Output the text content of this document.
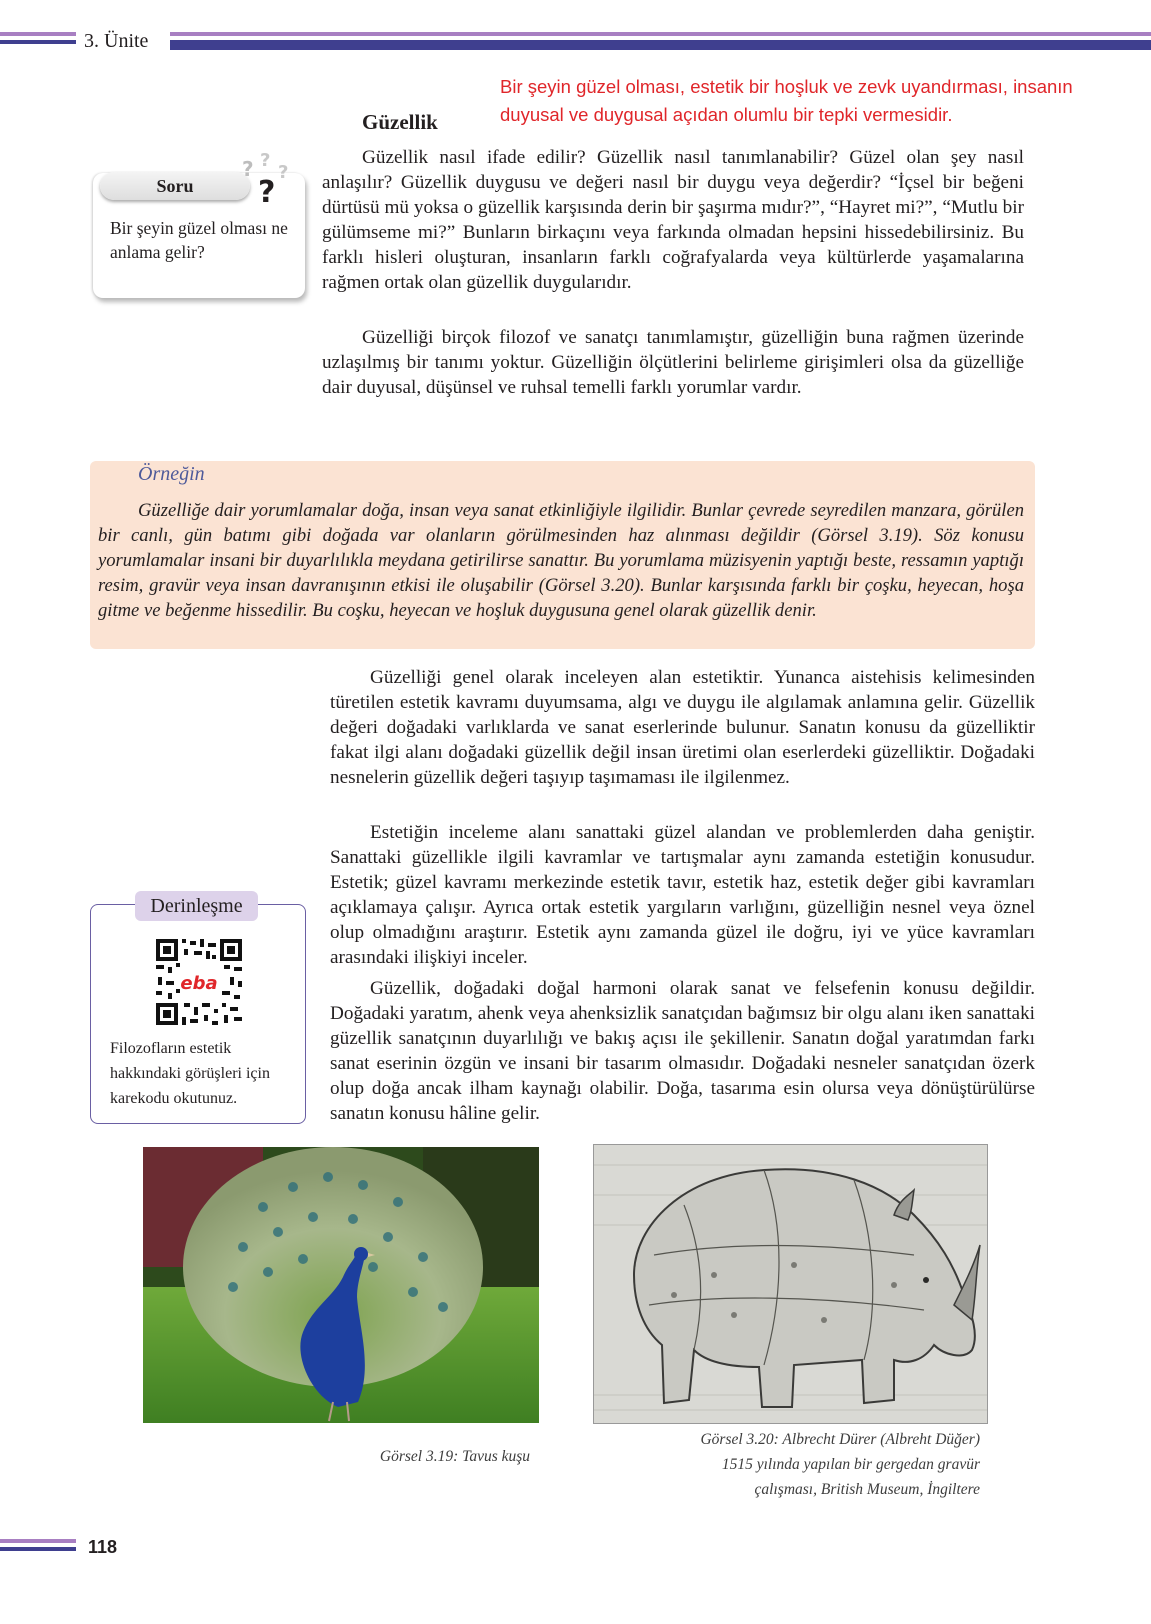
3. Ünite
Bir şeyin güzel olması, estetik bir hoşluk ve zevk uyandırması, insanın duyusal ve duygusal açıdan olumlu bir tepki vermesidir.
Güzellik

Güzellik nasıl ifade edilir? Güzellik nasıl tanımlanabilir? Güzel olan şey nasıl anlaşılır? Güzellik duygusu ve değeri nasıl bir duygu veya değerdir? “İçsel bir beğeni dürtüsü mü yoksa o güzellik karşısında derin bir şaşırma mıdır?”, “Hayret mi?”, “Mutlu bir gülümseme mi?” Bunların birkaçını veya farkında olmadan hepsini hissedebilirsiniz. Bu farklı hisleri oluşturan, insanların farklı coğrafyalarda veya kültürlerde yaşamalarına rağmen ortak olan güzellik duygularıdır.

Güzelliği birçok filozof ve sanatçı tanımlamıştır, güzelliğin buna rağmen üzerinde uzlaşılmış bir tanımı yoktur. Güzelliğin ölçütlerini belirleme girişimleri olsa da güzelliğe dair duyusal, düşünsel ve ruhsal temelli farklı yorumlar vardır.

Soru
? ?
?
?
Bir şeyin güzel olması ne anlama gelir?
Örneğin

Güzelliğe dair yorumlamalar doğa, insan veya sanat etkinliğiyle ilgilidir. Bunlar çevrede seyredilen manzara, görülen bir canlı, gün batımı gibi doğada var olanların görülmesinden haz alınması değildir (Görsel 3.19). Söz konusu yorumlamalar insani bir duyarlılıkla meydana getirilirse sanattır. Bu yorumlama müzisyenin yaptığı beste, ressamın yaptığı resim, gravür veya insan davranışının etkisi ile oluşabilir (Görsel 3.20). Bunlar karşısında farklı bir çoşku, heyecan, hoşa gitme ve beğenme hissedilir. Bu coşku, heyecan ve hoşluk duygusuna genel olarak güzellik denir.

Güzelliği genel olarak inceleyen alan estetiktir. Yunanca aistehisis kelimesinden türetilen estetik kavramı duyumsama, algı ve duygu ile algılamak anlamına gelir. Güzellik değeri doğadaki varlıklarda ve sanat eserlerinde bulunur. Sanatın konusu da güzelliktir fakat ilgi alanı doğadaki güzellik değil insan üretimi olan eserlerdeki güzelliktir. Doğadaki nesnelerin güzellik değeri taşıyıp taşımaması ile ilgilenmez.

Estetiğin inceleme alanı sanattaki güzel alandan ve problemlerden daha geniştir. Sanattaki güzellikle ilgili kavramlar ve tartışmalar aynı zamanda estetiğin konusudur. Estetik; güzel kavramı merkezinde estetik tavır, estetik haz, estetik değer gibi kavramları açıklamaya çalışır. Ayrıca ortak estetik yargıların varlığını, güzelliğin nesnel veya öznel olup olmadığını araştırır. Estetik aynı zamanda güzel ile doğru, iyi ve yüce kavramları arasındaki ilişkiyi inceler.

Güzellik, doğadaki doğal harmoni olarak sanat ve felsefenin konusu değildir. Doğadaki yaratım, ahenk veya ahenksizlik sanatçıdan bağımsız bir olgu alanı iken sanattaki güzellik sanatçının duyarlılığı ve bakış açısı ile şekillenir. Sanatın doğal yaratımdan farkı sanat eserinin özgün ve insani bir tasarım olmasıdır. Doğadaki nesneler sanatçıdan özerk olup doğa ancak ilham kaynağı olabilir. Doğa, tasarıma esin olursa veya dönüştürülürse sanatın konusu hâline gelir.

Derinleşme
eba
Filozofların estetik hakkındaki görüşleri için karekodu okutunuz.
Görsel 3.19: Tavus kuşu
Görsel 3.20: Albrecht Dürer (Albreht Düğer)
1515 yılında yapılan bir gergedan gravür
çalışması, British Museum, İngiltere
118
